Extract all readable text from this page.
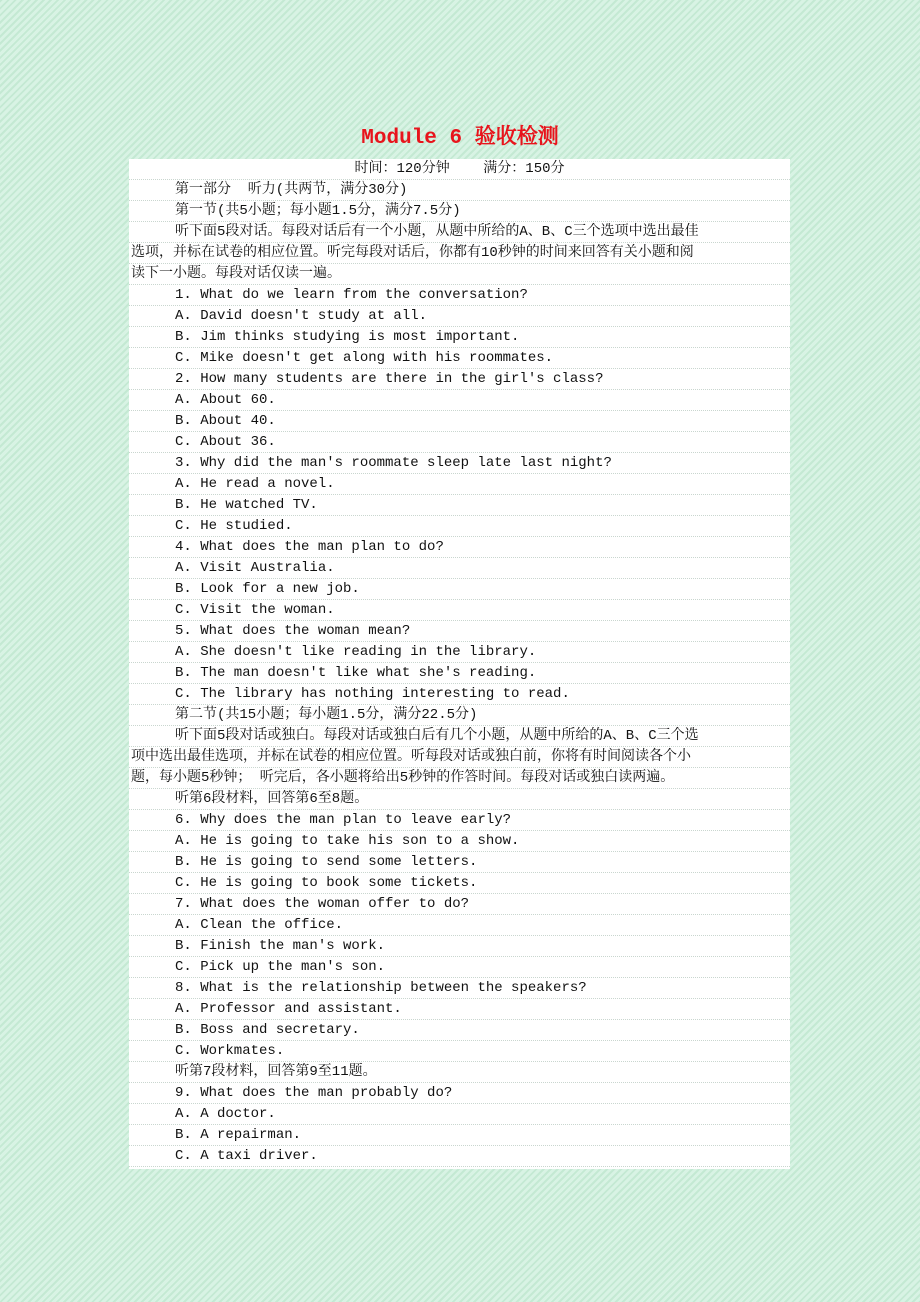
Module 6 验收检测
时间：120分钟    满分：150分
第一部分  听力(共两节，满分30分)
第一节(共5小题；每小题1.5分，满分7.5分)
听下面5段对话。每段对话后有一个小题，从题中所给的A、B、C三个选项中选出最佳
选项，并标在试卷的相应位置。听完每段对话后，你都有10秒钟的时间来回答有关小题和阅
读下一小题。每段对话仅读一遍。
1. What do we learn from the conversation?
A. David doesn't study at all.
B. Jim thinks studying is most important.
C. Mike doesn't get along with his roommates.
2. How many students are there in the girl's class?
A. About 60.
B. About 40.
C. About 36.
3. Why did the man's roommate sleep late last night?
A. He read a novel.
B. He watched TV.
C. He studied.
4. What does the man plan to do?
A. Visit Australia.
B. Look for a new job.
C. Visit the woman.
5. What does the woman mean?
A. She doesn't like reading in the library.
B. The man doesn't like what she's reading.
C. The library has nothing interesting to read.
第二节(共15小题；每小题1.5分，满分22.5分)
听下面5段对话或独白。每段对话或独白后有几个小题，从题中所给的A、B、C三个选
项中选出最佳选项，并标在试卷的相应位置。听每段对话或独白前，你将有时间阅读各个小
题，每小题5秒钟； 听完后，各小题将给出5秒钟的作答时间。每段对话或独白读两遍。
听第6段材料，回答第6至8题。
6. Why does the man plan to leave early?
A. He is going to take his son to a show.
B. He is going to send some letters.
C. He is going to book some tickets.
7. What does the woman offer to do?
A. Clean the office.
B. Finish the man's work.
C. Pick up the man's son.
8. What is the relationship between the speakers?
A. Professor and assistant.
B. Boss and secretary.
C. Workmates.
听第7段材料，回答第9至11题。
9. What does the man probably do?
A. A doctor.
B. A repairman.
C. A taxi driver.
